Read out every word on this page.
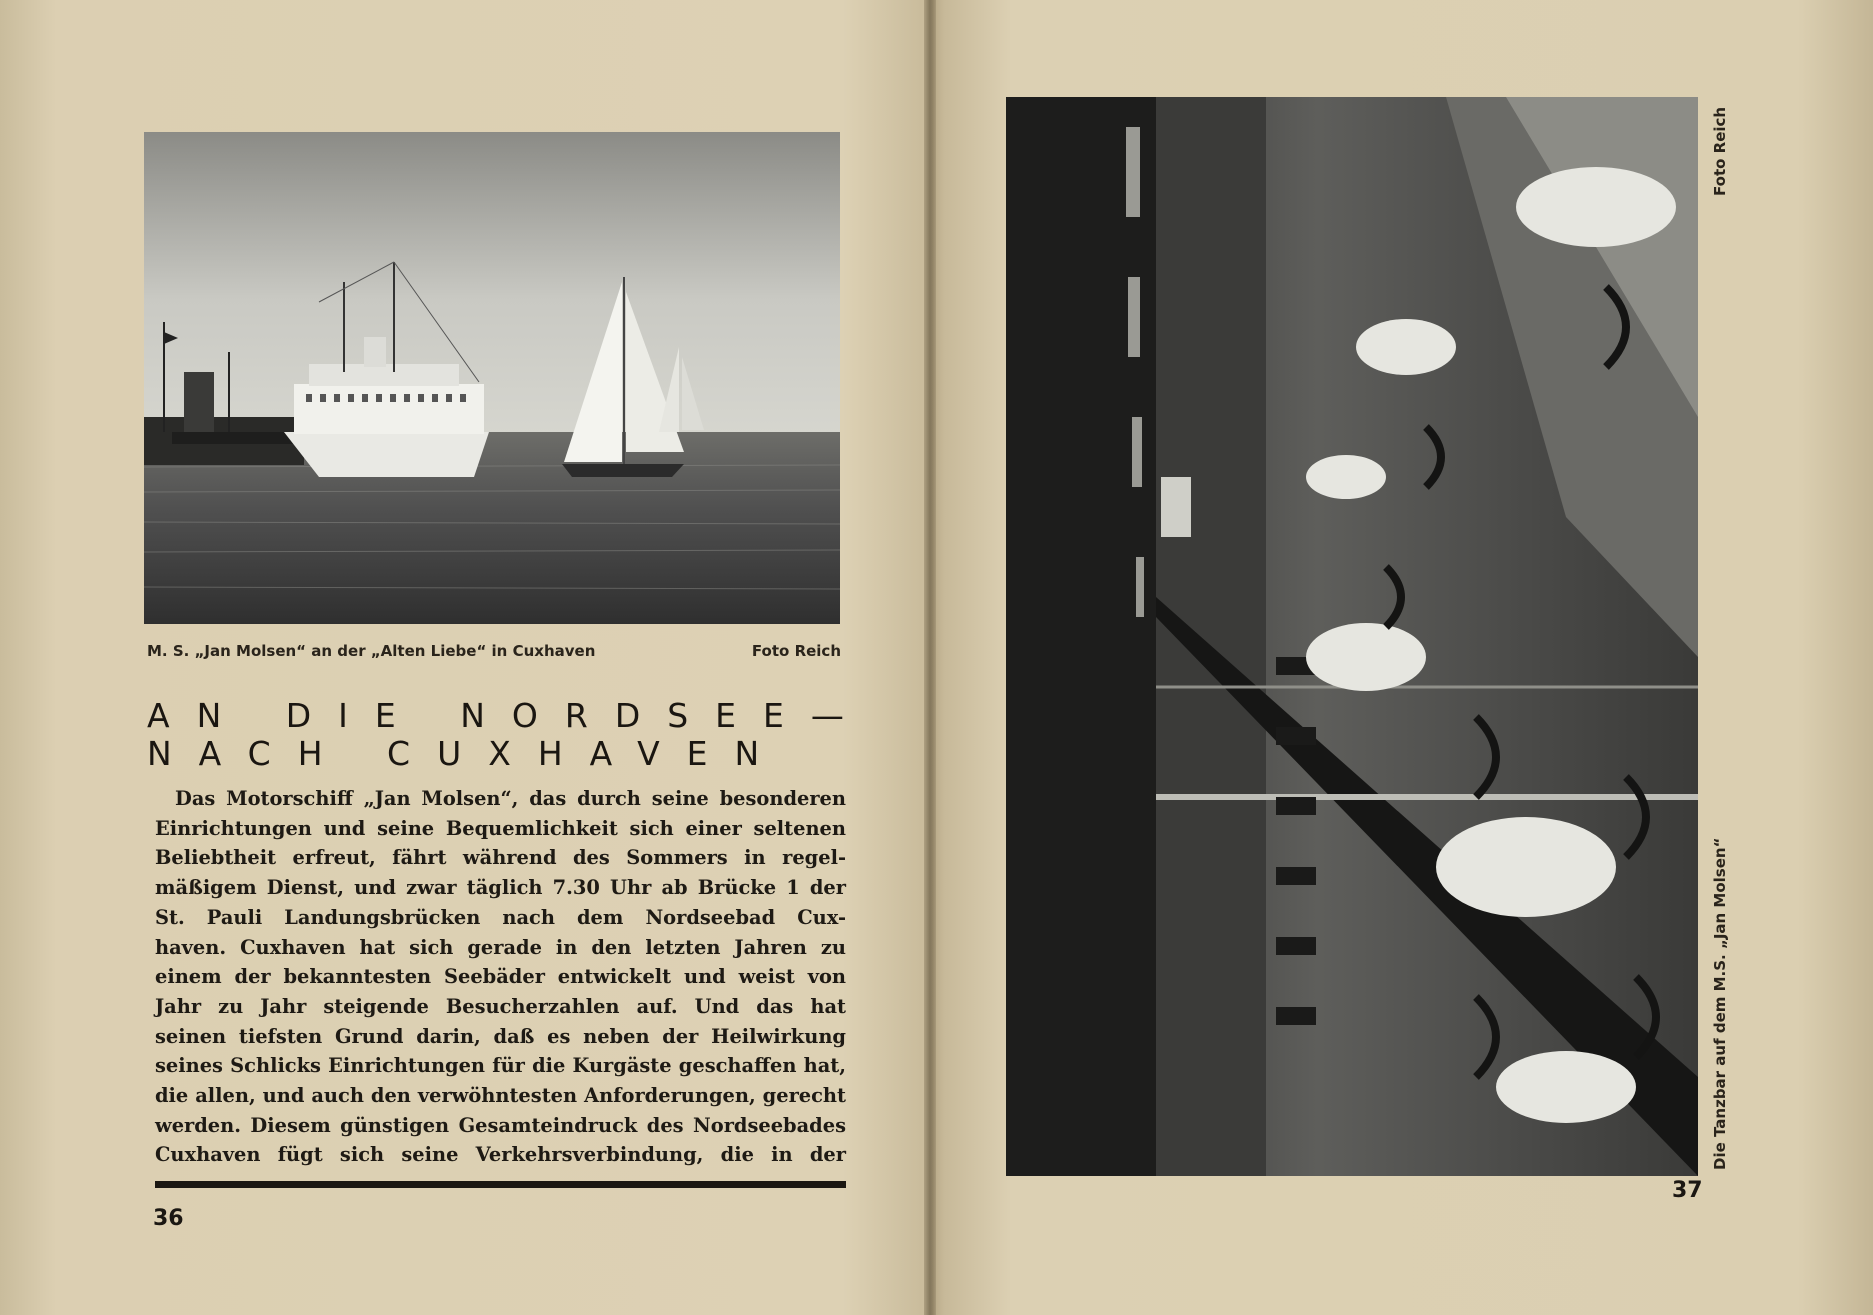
M. S. „Jan Molsen“ an der „Alten Liebe“ in Cuxhaven	Foto Reich
AN DIE NORDSEE—
NACH CUXHAVEN

Das Motorschiff „Jan Molsen“, das durch seine besonderen

Einrichtungen und seine Bequemlichkeit sich einer seltenen

Beliebtheit erfreut, fährt während des Sommers in regel-

mäßigem Dienst, und zwar täglich 7.30 Uhr ab Brücke 1 der

St. Pauli Landungsbrücken nach dem Nordseebad Cux-

haven. Cuxhaven hat sich gerade in den letzten Jahren zu

einem der bekanntesten Seebäder entwickelt und weist von

Jahr zu Jahr steigende Besucherzahlen auf. Und das hat

seinen tiefsten Grund darin, daß es neben der Heilwirkung

seines Schlicks Einrichtungen für die Kurgäste geschaffen hat,

die allen, und auch den verwöhntesten Anforderungen, gerecht

werden. Diesem günstigen Gesamteindruck des Nordseebades

Cuxhaven fügt sich seine Verkehrsverbindung, die in der

36
Die Tanzbar auf dem M.S. „Jan Molsen“
Foto Reich
37
